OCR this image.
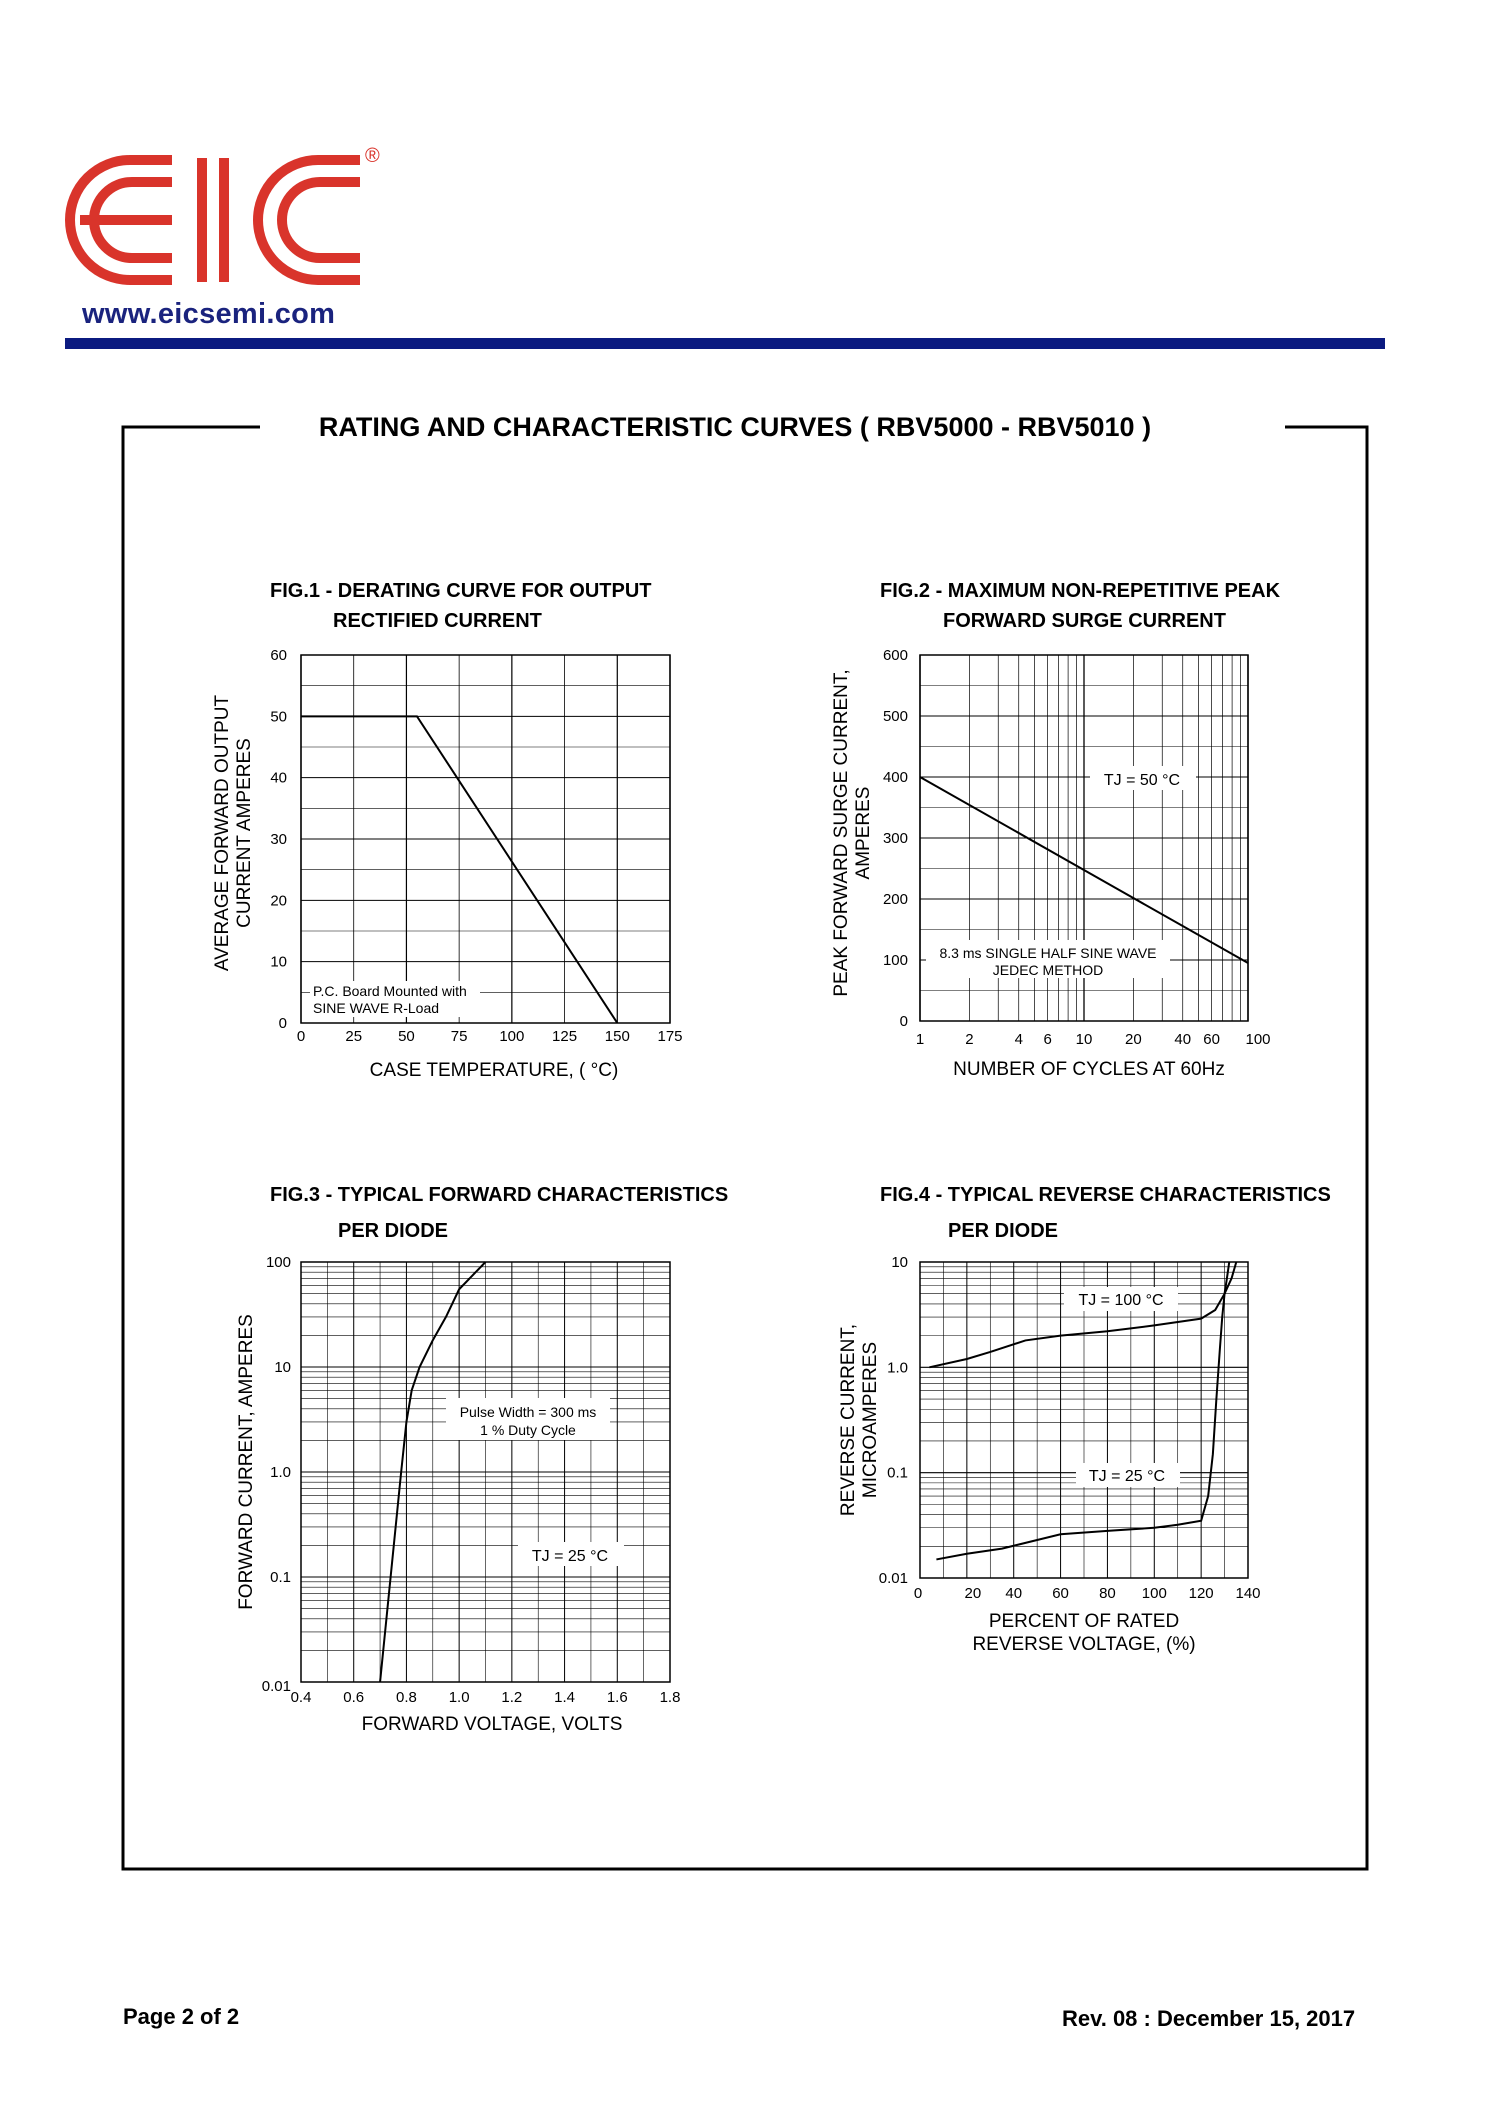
®
www.eicsemi.com
RATING AND CHARACTERISTIC CURVES ( RBV5000 - RBV5010 )
FIG.1 - DERATING CURVE FOR OUTPUT
RECTIFIED CURRENT
FIG.2 - MAXIMUM NON-REPETITIVE PEAK
FORWARD SURGE CURRENT
FIG.3 - TYPICAL FORWARD CHARACTERISTICS
PER DIODE
FIG.4 - TYPICAL REVERSE CHARACTERISTICS
PER DIODE
P.C. Board Mounted with
SINE WAVE R-Load
0	25 50 75 100 125 150 175
0
10
20
30
40
50
60
CASE TEMPERATURE, ( °C)
AVERAGE FORWARD OUTPUT CURRENT AMPERES	TJ = 50 °C
8.3 ms SINGLE HALF SINE WAVE
JEDEC METHOD
1	2	4 6 10 20 40 60 100
0
100
200
300
400
500
600
NUMBER OF CYCLES AT 60Hz
PEAK FORWARD SURGE CURRENT, AMPERES
Pulse Width = 300 ms
1 % Duty Cycle
TJ = 25 °C
0.4 0.6 0.8 1.0 1.2 1.4 1.6 1.8
0.01
0.1
1.0
10
100
FORWARD VOLTAGE, VOLTS
FORWARD CURRENT, AMPERES
TJ = 100 °C
TJ = 25 °C
0	20 40 60 80 100 120 140
0.01
0.1
1.0
10
PERCENT OF RATED
REVERSE VOLTAGE, (%)
REVERSE CURRENT, MICROAMPERES
Page 2 of 2	Rev. 08 : December 15, 2017
